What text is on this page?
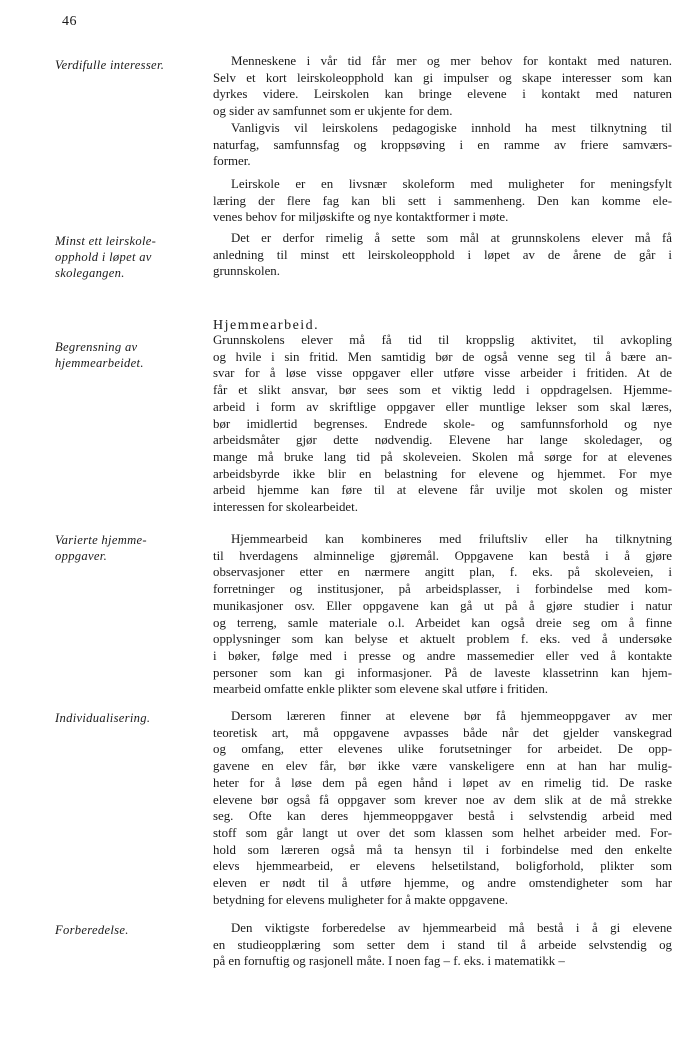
46
Verdifulle interesser.
Minst ett leirskole-
opphold i løpet av
skolegangen.
Begrensning av
hjemmearbeidet.
Varierte hjemme-
oppgaver.
Individualisering.
Forberedelse.
Hjemmearbeid.
Menneskene i vår tid får mer og mer behov for kontakt med naturen.
Selv et kort leirskoleopphold kan gi impulser og skape interesser som kan
dyrkes videre. Leirskolen kan bringe elevene i kontakt med naturen
og sider av samfunnet som er ukjente for dem.
Vanligvis vil leirskolens pedagogiske innhold ha mest tilknytning til
naturfag, samfunnsfag og kroppsøving i en ramme av friere samværs-
former.
Leirskole er en livsnær skoleform med muligheter for meningsfylt
læring der flere fag kan bli sett i sammenheng. Den kan komme ele-
venes behov for miljøskifte og nye kontaktformer i møte.
Det er derfor rimelig å sette som mål at grunnskolens elever må få
anledning til minst ett leirskoleopphold i løpet av de årene de går i
grunnskolen.
Grunnskolens elever må få tid til kroppslig aktivitet, til avkopling
og hvile i sin fritid. Men samtidig bør de også venne seg til å bære an-
svar for å løse visse oppgaver eller utføre visse arbeider i fritiden. At de
får et slikt ansvar, bør sees som et viktig ledd i oppdragelsen. Hjemme-
arbeid i form av skriftlige oppgaver eller muntlige lekser som skal læres,
bør imidlertid begrenses. Endrede skole- og samfunnsforhold og nye
arbeidsmåter gjør dette nødvendig. Elevene har lange skoledager, og
mange må bruke lang tid på skoleveien. Skolen må sørge for at elevenes
arbeidsbyrde ikke blir en belastning for elevene og hjemmet. For mye
arbeid hjemme kan føre til at elevene får uvilje mot skolen og mister
interessen for skolearbeidet.
Hjemmearbeid kan kombineres med friluftsliv eller ha tilknytning
til hverdagens alminnelige gjøremål. Oppgavene kan bestå i å gjøre
observasjoner etter en nærmere angitt plan, f. eks. på skoleveien, i
forretninger og institusjoner, på arbeidsplasser, i forbindelse med kom-
munikasjoner osv. Eller oppgavene kan gå ut på å gjøre studier i natur
og terreng, samle materiale o.l. Arbeidet kan også dreie seg om å finne
opplysninger som kan belyse et aktuelt problem f. eks. ved å undersøke
i bøker, følge med i presse og andre massemedier eller ved å kontakte
personer som kan gi informasjoner. På de laveste klassetrinn kan hjem-
mearbeid omfatte enkle plikter som elevene skal utføre i fritiden.
Dersom læreren finner at elevene bør få hjemmeoppgaver av mer
teoretisk art, må oppgavene avpasses både når det gjelder vanskegrad
og omfang, etter elevenes ulike forutsetninger for arbeidet. De opp-
gavene en elev får, bør ikke være vanskeligere enn at han har mulig-
heter for å løse dem på egen hånd i løpet av en rimelig tid. De raske
elevene bør også få oppgaver som krever noe av dem slik at de må strekke
seg. Ofte kan deres hjemmeoppgaver bestå i selvstendig arbeid med
stoff som går langt ut over det som klassen som helhet arbeider med. For-
hold som læreren også må ta hensyn til i forbindelse med den enkelte
elevs hjemmearbeid, er elevens helsetilstand, boligforhold, plikter som
eleven er nødt til å utføre hjemme, og andre omstendigheter som har
betydning for elevens muligheter for å makte oppgavene.
Den viktigste forberedelse av hjemmearbeid må bestå i å gi elevene
en studieopplæring som setter dem i stand til å arbeide selvstendig og
på en fornuftig og rasjonell måte. I noen fag – f. eks. i matematikk –
